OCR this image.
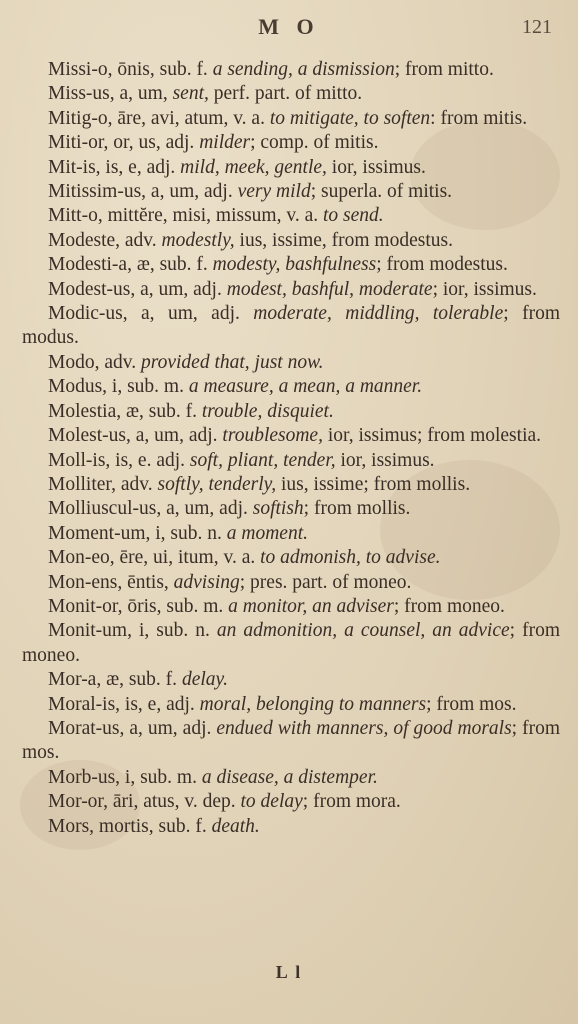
M O	121

Missi-o, ōnis, sub. f. a sending, a dismission; from mitto.

Miss-us, a, um, sent, perf. part. of mitto.

Mitig-o, āre, avi, atum, v. a. to mitigate, to soften: from mitis.

Miti-or, or, us, adj. milder; comp. of mitis.

Mit-is, is, e, adj. mild, meek, gentle, ior, issimus.

Mitissim-us, a, um, adj. very mild; superla. of mitis.

Mitt-o, mittĕre, misi, missum, v. a. to send.

Modeste, adv. modestly, ius, issime, from modestus.

Modesti-a, æ, sub. f. modesty, bashfulness; from modestus.

Modest-us, a, um, adj. modest, bashful, moderate; ior, issimus.

Modic-us, a, um, adj. moderate, middling, tolerable; from modus.

Modo, adv. provided that, just now.

Modus, i, sub. m. a measure, a mean, a manner.

Molestia, æ, sub. f. trouble, disquiet.

Molest-us, a, um, adj. troublesome, ior, issimus; from molestia.

Moll-is, is, e. adj. soft, pliant, tender, ior, issimus.

Molliter, adv. softly, tenderly, ius, issime; from mollis.

Molliuscul-us, a, um, adj. softish; from mollis.

Moment-um, i, sub. n. a moment.

Mon-eo, ēre, ui, itum, v. a. to admonish, to advise.

Mon-ens, ēntis, advising; pres. part. of moneo.

Monit-or, ōris, sub. m. a monitor, an adviser; from moneo.

Monit-um, i, sub. n. an admonition, a counsel, an advice; from moneo.

Mor-a, æ, sub. f. delay.

Moral-is, is, e, adj. moral, belonging to manners; from mos.

Morat-us, a, um, adj. endued with manners, of good morals; from mos.

Morb-us, i, sub. m. a disease, a distemper.

Mor-or, āri, atus, v. dep. to delay; from mora.

Mors, mortis, sub. f. death.

L l
